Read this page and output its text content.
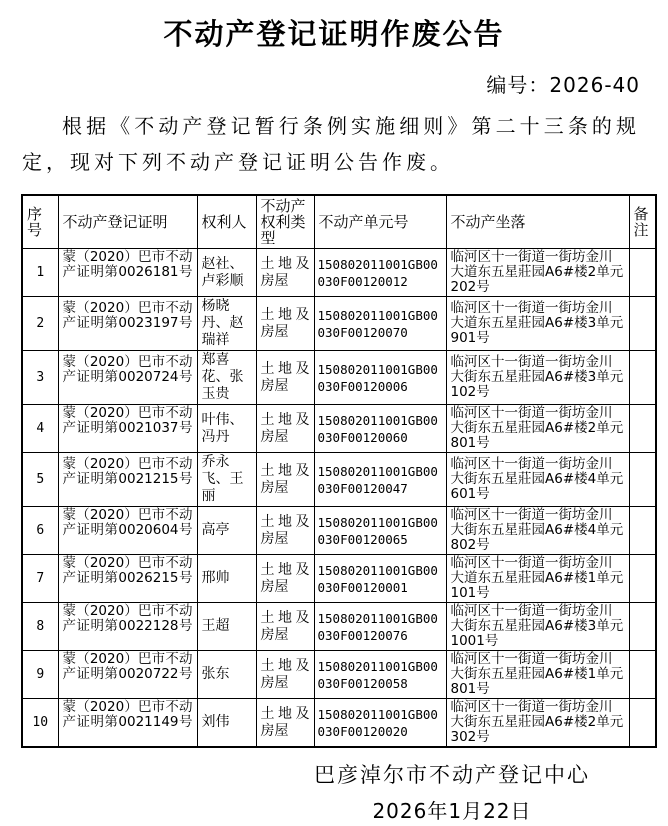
不动产登记证明作废公告
编号：2026-40
根据《不动产登记暂行条例实施细则》第二十三条的规定，现对下列不动产登记证明公告作废。
序号	不动产登记证明	权利人	不动产权利类型	不动产单元号	不动产坐落	备注
1	蒙（2020）巴市不动产证明第0026181号	赵社、卢彩顺	土地及房屋	150802011001GB00030F00120012	临河区十一街道一街坊金川大道东五星莊园A6#楼2单元202号	
2	蒙（2020）巴市不动产证明第0023197号	杨晓丹、赵瑞祥	土地及房屋	150802011001GB00030F00120070	临河区十一街道一街坊金川大道东五星莊园A6#楼3单元901号	
3	蒙（2020）巴市不动产证明第0020724号	郑喜花、张玉贵	土地及房屋	150802011001GB00030F00120006	临河区十一街道一街坊金川大街东五星莊园A6#楼3单元102号	
4	蒙（2020）巴市不动产证明第0021037号	叶伟、冯丹	土地及房屋	150802011001GB00030F00120060	临河区十一街道一街坊金川大街东五星莊园A6#楼2单元801号	
5	蒙（2020）巴市不动产证明第0021215号	乔永飞、王丽	土地及房屋	150802011001GB00030F00120047	临河区十一街道一街坊金川大街东五星莊园A6#楼4单元601号	
6	蒙（2020）巴市不动产证明第0020604号	高亭	土地及房屋	150802011001GB00030F00120065	临河区十一街道一街坊金川大街东五星莊园A6#楼4单元802号	
7	蒙（2020）巴市不动产证明第0026215号	邢帅	土地及房屋	150802011001GB00030F00120001	临河区十一街道一街坊金川大道东五星莊园A6#楼1单元101号	
8	蒙（2020）巴市不动产证明第0022128号	王超	土地及房屋	150802011001GB00030F00120076	临河区十一街道一街坊金川大街东五星莊园A6#楼3单元1001号	
9	蒙（2020）巴市不动产证明第0020722号	张东	土地及房屋	150802011001GB00030F00120058	临河区十一街道一街坊金川大街东五星莊园A6#楼1单元801号	
10	蒙（2020）巴市不动产证明第0021149号	刘伟	土地及房屋	150802011001GB00030F00120020	临河区十一街道一街坊金川大街东五星莊园A6#楼2单元302号	
巴彦淖尔市不动产登记中心
2026年1月22日
